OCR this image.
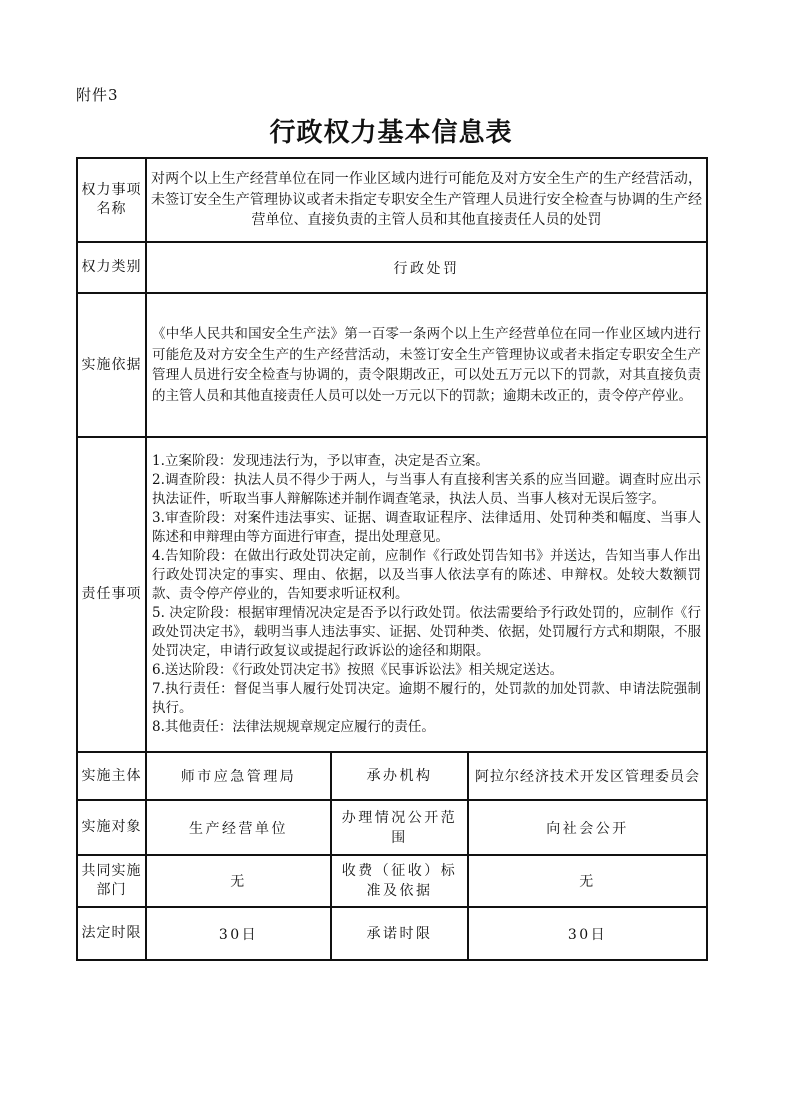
附件3
行政权力基本信息表
权力事项名称	对两个以上生产经营单位在同一作业区域内进行可能危及对方安全生产的生产经营活动，未签订安全生产管理协议或者未指定专职安全生产管理人员进行安全检查与协调的生产经营单位、直接负责的主管人员和其他直接责任人员的处罚		
权力类别	行政处罚		
实施依据	《中华人民共和国安全生产法》第一百零一条两个以上生产经营单位在同一作业区域内进行可能危及对方安全生产的生产经营活动，未签订安全生产管理协议或者未指定专职安全生产管理人员进行安全检查与协调的，责令限期改正，可以处五万元以下的罚款，对其直接负责的主管人员和其他直接责任人员可以处一万元以下的罚款；逾期未改正的，责令停产停业。		
责任事项	
1.立案阶段：发现违法行为，予以审查，决定是否立案。
2.调查阶段：执法人员不得少于两人，与当事人有直接利害关系的应当回避。调查时应出示执法证件，听取当事人辩解陈述并制作调查笔录，执法人员、当事人核对无误后签字。
3.审查阶段：对案件违法事实、证据、调查取证程序、法律适用、处罚种类和幅度、当事人陈述和申辩理由等方面进行审查，提出处理意见。
4.告知阶段：在做出行政处罚决定前，应制作《行政处罚告知书》并送达，告知当事人作出行政处罚决定的事实、理由、依据，以及当事人依法享有的陈述、申辩权。处较大数额罚款、责令停产停业的，告知要求听证权利。
5. 决定阶段：根据审理情况决定是否予以行政处罚。依法需要给予行政处罚的，应制作《行政处罚决定书》，载明当事人违法事实、证据、处罚种类、依据，处罚履行方式和期限，不服处罚决定，申请行政复议或提起行政诉讼的途径和期限。
6.送达阶段：《行政处罚决定书》按照《民事诉讼法》相关规定送达。
7.执行责任：督促当事人履行处罚决定。逾期不履行的，处罚款的加处罚款、申请法院强制执行。
8.其他责任：法律法规规章规定应履行的责任。

实施主体	师市应急管理局	承办机构	阿拉尔经济技术开发区管理委员会
实施对象	生产经营单位	办理情况公开范围	向社会公开
共同实施部门	无	收费（征收）标准及依据	无
法定时限	30日	承诺时限	30日
